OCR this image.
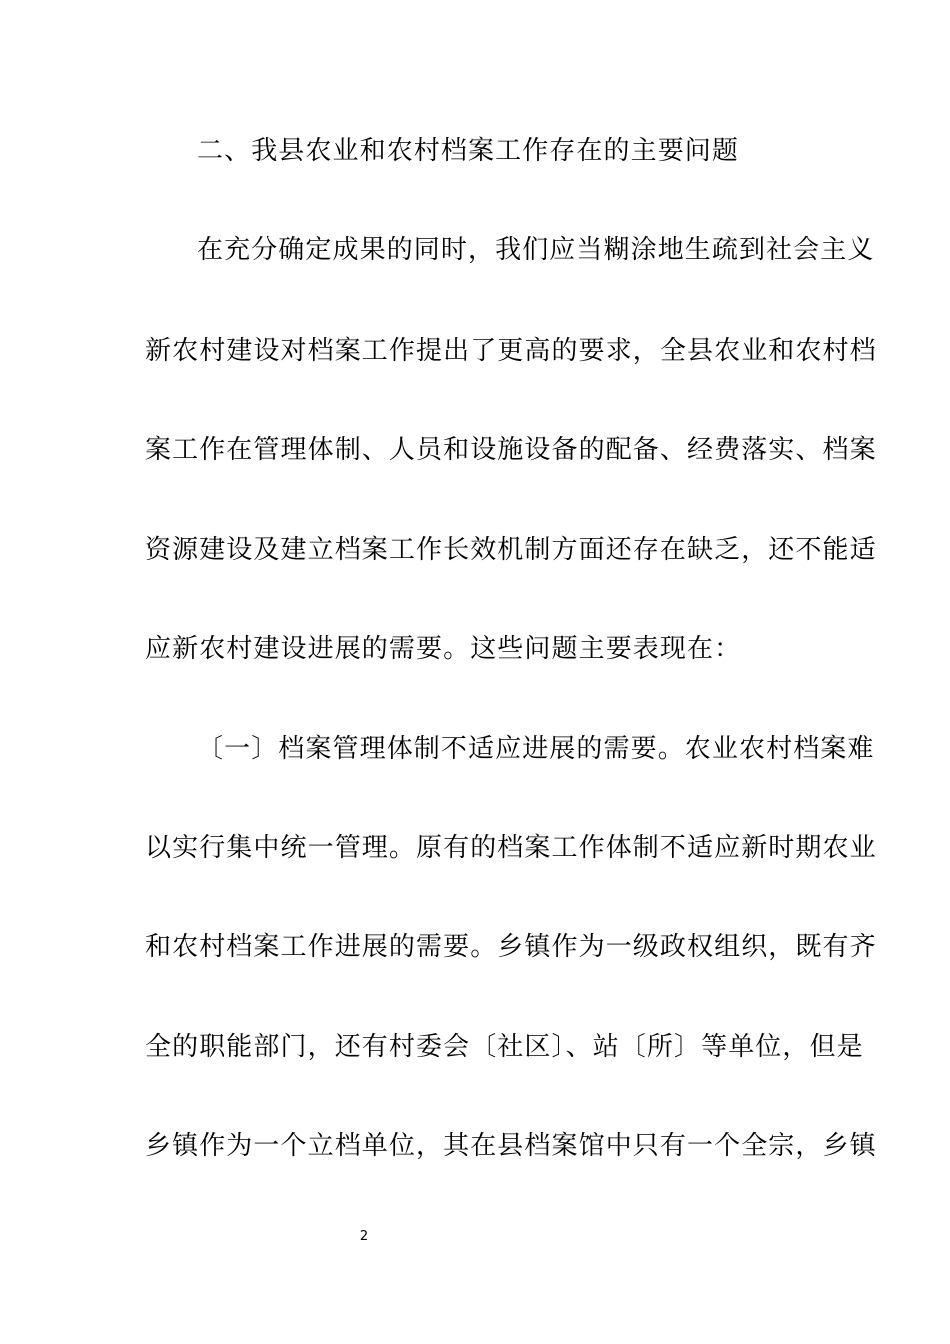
二、我县农业和农村档案工作存在的主要问题
在充分确定成果的同时，我们应当糊涂地生疏到社会主义
新农村建设对档案工作提出了更高的要求，全县农业和农村档
案工作在管理体制、人员和设施设备的配备、经费落实、档案
资源建设及建立档案工作长效机制方面还存在缺乏，还不能适
应新农村建设进展的需要。这些问题主要表现在：
〔一〕档案管理体制不适应进展的需要。农业农村档案难
以实行集中统一管理。原有的档案工作体制不适应新时期农业
和农村档案工作进展的需要。乡镇作为一级政权组织，既有齐
全的职能部门，还有村委会〔社区〕、站〔所〕等单位，但是
乡镇作为一个立档单位，其在县档案馆中只有一个全宗，乡镇
2
